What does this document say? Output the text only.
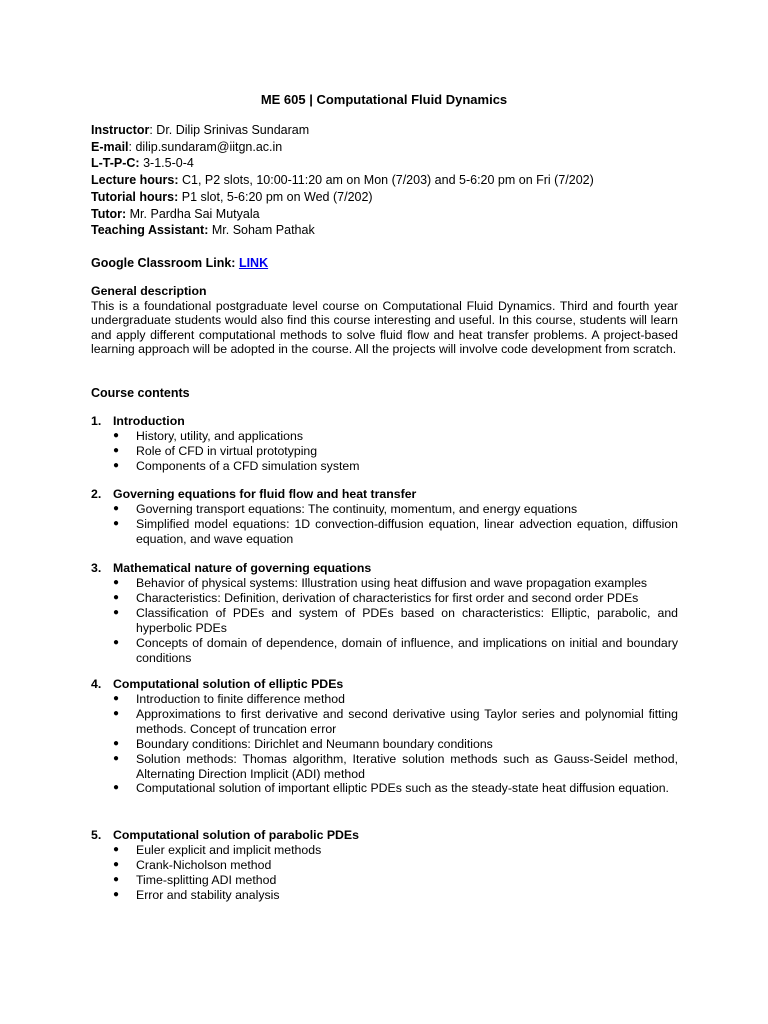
ME 605 | Computational Fluid Dynamics
Instructor: Dr. Dilip Srinivas Sundaram
E-mail: dilip.sundaram@iitgn.ac.in
L-T-P-C: 3-1.5-0-4
Lecture hours: C1, P2 slots, 10:00-11:20 am on Mon (7/203) and 5-6:20 pm on Fri (7/202)
Tutorial hours: P1 slot, 5-6:20 pm on Wed (7/202)
Tutor: Mr. Pardha Sai Mutyala
Teaching Assistant: Mr. Soham Pathak
Google Classroom Link: LINK
General description
This is a foundational postgraduate level course on Computational Fluid Dynamics. Third and fourth year undergraduate students would also find this course interesting and useful. In this course, students will learn and apply different computational methods to solve fluid flow and heat transfer problems. A project-based learning approach will be adopted in the course. All the projects will involve code development from scratch.
Course contents
1. Introduction
● History, utility, and applications
● Role of CFD in virtual prototyping
● Components of a CFD simulation system
2. Governing equations for fluid flow and heat transfer
● Governing transport equations: The continuity, momentum, and energy equations
● Simplified model equations: 1D convection-diffusion equation, linear advection equation, diffusion equation, and wave equation
3. Mathematical nature of governing equations
● Behavior of physical systems: Illustration using heat diffusion and wave propagation examples
● Characteristics: Definition, derivation of characteristics for first order and second order PDEs
● Classification of PDEs and system of PDEs based on characteristics: Elliptic, parabolic, and hyperbolic PDEs
● Concepts of domain of dependence, domain of influence, and implications on initial and boundary conditions
4. Computational solution of elliptic PDEs
● Introduction to finite difference method
● Approximations to first derivative and second derivative using Taylor series and polynomial fitting methods. Concept of truncation error
● Boundary conditions: Dirichlet and Neumann boundary conditions
● Solution methods: Thomas algorithm, Iterative solution methods such as Gauss-Seidel method, Alternating Direction Implicit (ADI) method
● Computational solution of important elliptic PDEs such as the steady-state heat diffusion equation.
5. Computational solution of parabolic PDEs
● Euler explicit and implicit methods
● Crank-Nicholson method
● Time-splitting ADI method
● Error and stability analysis
